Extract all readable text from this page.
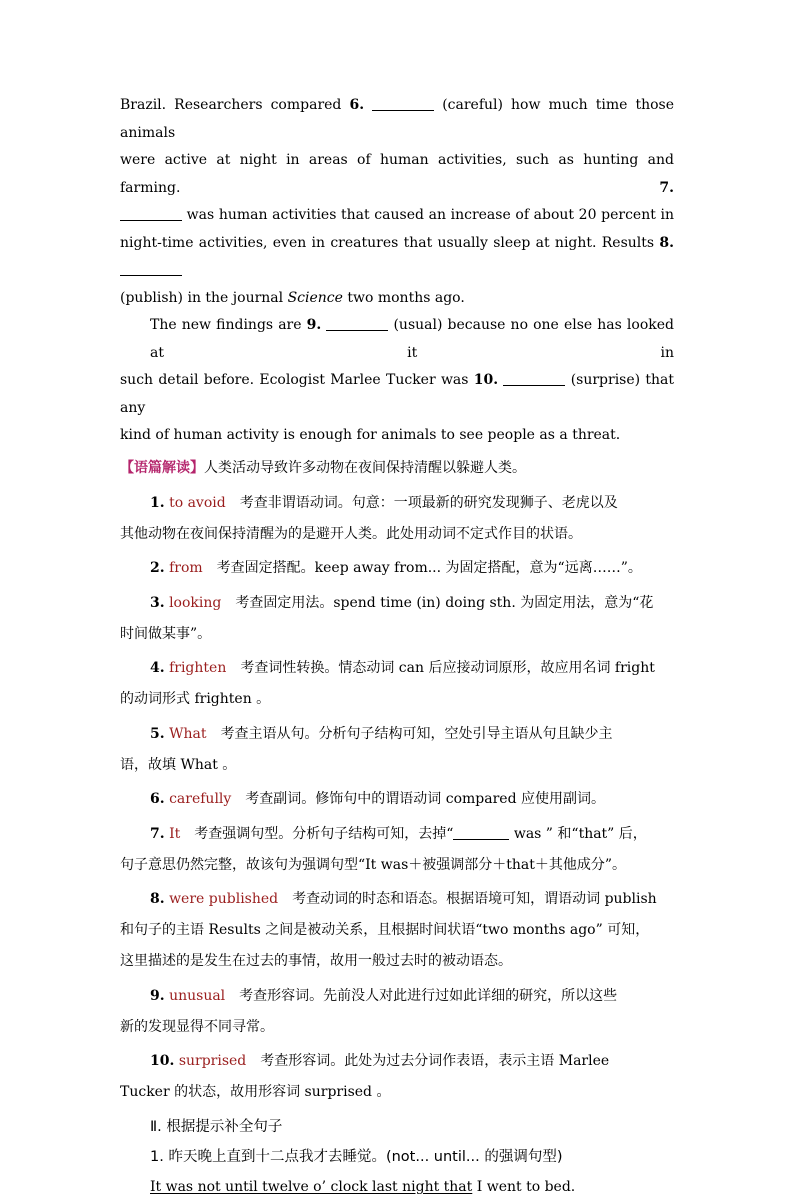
Brazil. Researchers compared 6.	(careful) how much time those animals
were active at night in areas of human activities, such as hunting and farming.	7.
was human activities that caused an increase of about 20 percent in
night-time activities, even in creatures that usually sleep at night. Results 8.
(publish) in the journal Science two months ago.
The new findings are 9.	(usual) because no one else has looked at it in
such detail before. Ecologist Marlee Tucker was 10.	(surprise) that any
kind of human activity is enough for animals to see people as a threat.
【语篇解读】人类活动导致许多动物在夜间保持清醒以躲避人类。
1. to avoid　考查非谓语动词。句意：一项最新的研究发现狮子、老虎以及
其他动物在夜间保持清醒为的是避开人类。此处用动词不定式作目的状语。
2. from　考查固定搭配。keep away from... 为固定搭配，意为“远离……”。
3. looking　考查固定用法。spend time (in) doing sth. 为固定用法，意为“花
时间做某事”。
4. frighten　考查词性转换。情态动词 can 后应接动词原形，故应用名词 fright
的动词形式 frighten 。
5. What　考查主语从句。分析句子结构可知，空处引导主语从句且缺少主
语，故填 What 。
6. carefully　考查副词。修饰句中的谓语动词 compared 应使用副词。
7. It　考查强调句型。分析句子结构可知，去掉“	was ” 和“that” 后，
句子意思仍然完整，故该句为强调句型“It was＋被强调部分＋that＋其他成分”。
8. were published　考查动词的时态和语态。根据语境可知，谓语动词 publish
和句子的主语 Results 之间是被动关系，且根据时间状语“two months ago” 可知，
这里描述的是发生在过去的事情，故用一般过去时的被动语态。
9. unusual　考查形容词。先前没人对此进行过如此详细的研究，所以这些
新的发现显得不同寻常。
10. surprised　考查形容词。此处为过去分词作表语，表示主语 Marlee
Tucker 的状态，故用形容词 surprised 。
Ⅱ. 根据提示补全句子
1. 昨天晚上直到十二点我才去睡觉。(not... until... 的强调句型)
It was not until twelve o’ clock last night that I went to bed.
